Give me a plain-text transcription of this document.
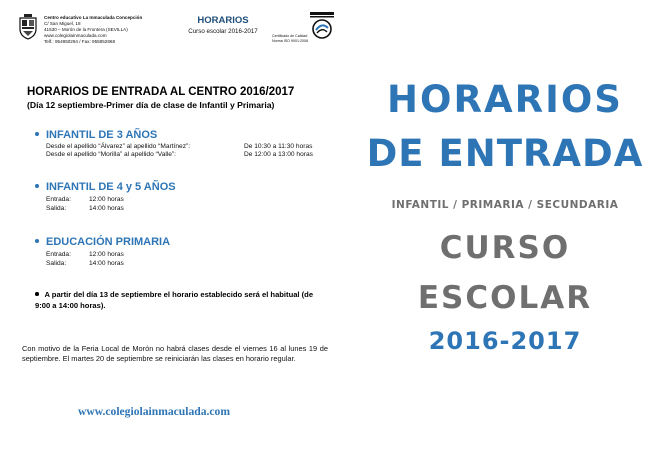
Centro educativo La Inmaculada Concepción
C/ San Miguel, 18
41530 – Morón de la Frontera (SEVILLA)
www.colegiolainmaculada.com
Telf.: 954850294 / Fax: 955852868
HORARIOS
Curso escolar 2016-2017
Certificado de Calidad
Norma ISO 9001:2008
HORARIOS DE ENTRADA AL CENTRO 2016/2017
(Día 12 septiembre-Primer día de clase de Infantil y Primaria)
INFANTIL DE 3 AÑOS
Desde el apellido “Álvarez” al apellido “Martínez”:	De 10:30 a 11:30 horas
Desde el apellido “Morilla” al apellido “Valle”:	De 12:00 a 13:00 horas
INFANTIL DE 4 y 5 AÑOS
Entrada:	12:00 horas
Salida:	14:00 horas
EDUCACIÓN PRIMARIA
Entrada:	12:00 horas
Salida:	14:00 horas
A partir del día 13 de septiembre el horario establecido será el habitual (de 9:00 a 14:00 horas).
Con motivo de la Feria Local de Morón no habrá clases desde el viernes 16 al lunes 19 de septiembre. El martes 20 de septiembre se reiniciarán las clases en horario regular.
www.colegiolainmaculada.com
HORARIOS
DE ENTRADA
INFANTIL / PRIMARIA / SECUNDARIA
CURSO
ESCOLAR
2016-2017
